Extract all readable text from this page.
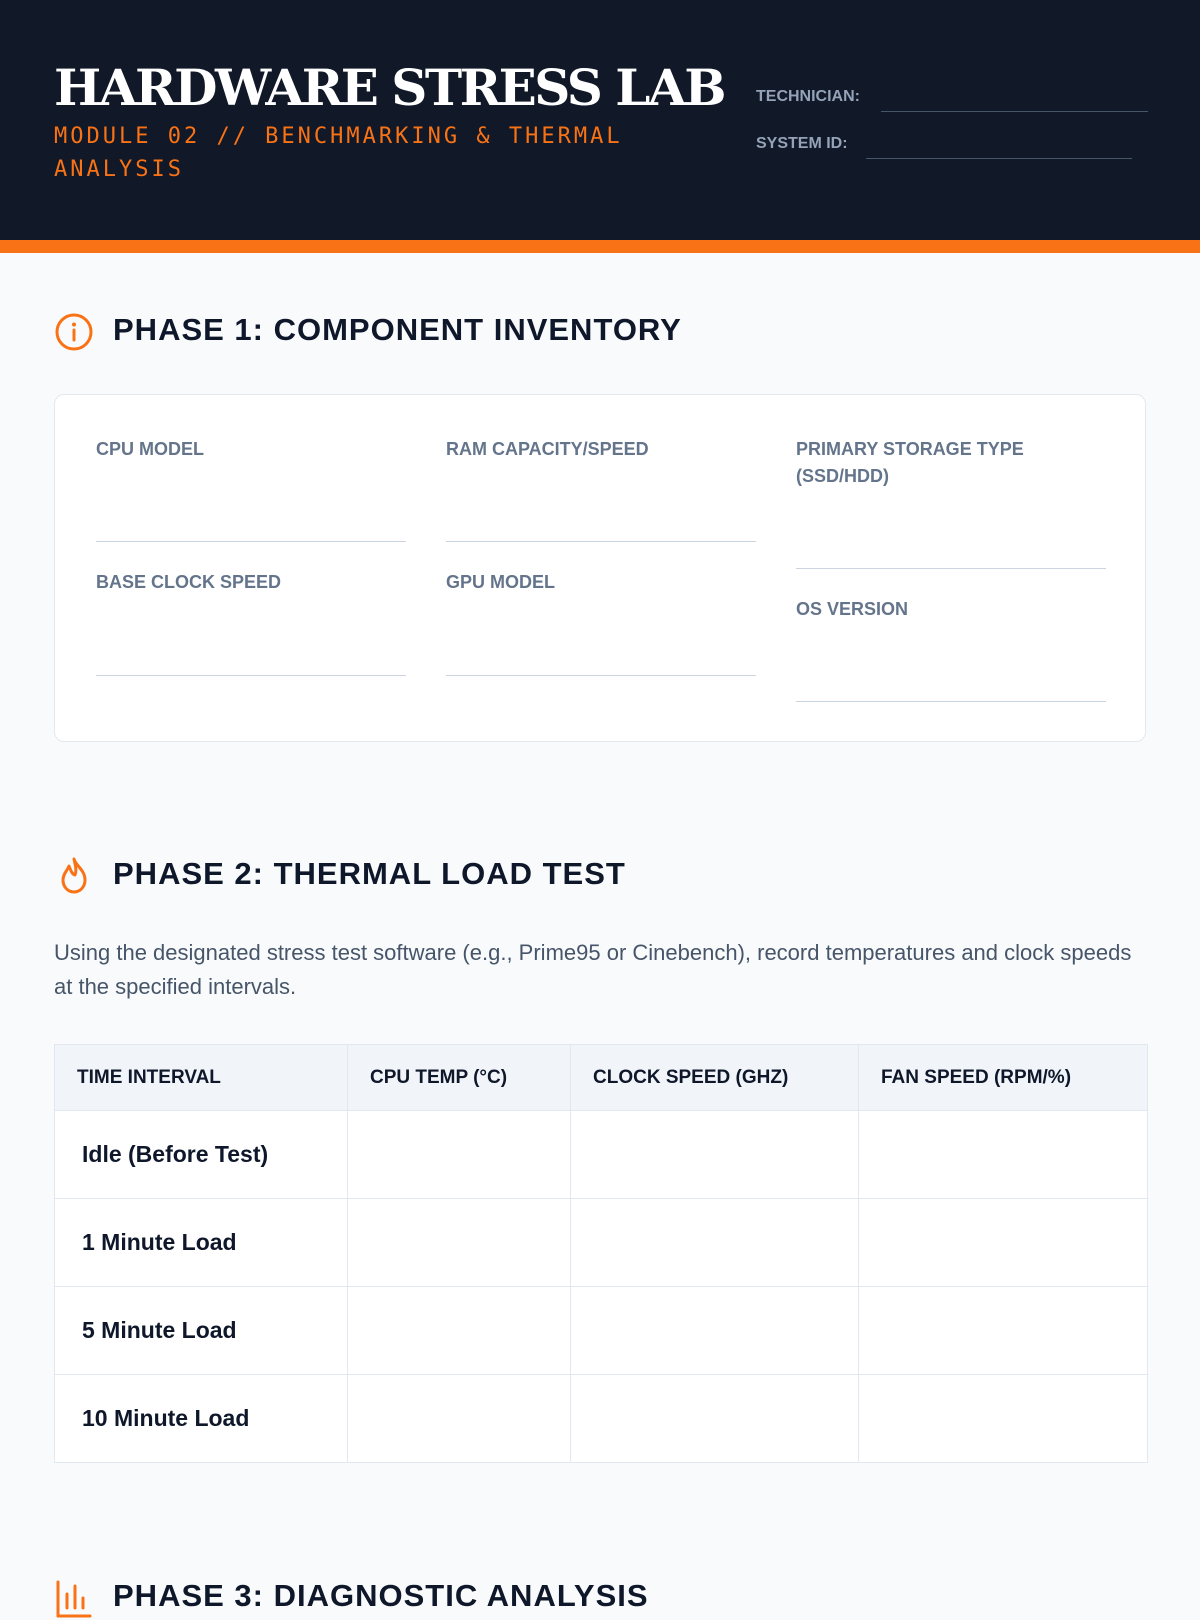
HARDWARE STRESS LAB
MODULE 02 // BENCHMARKING & THERMAL ANALYSIS
TECHNICIAN:
SYSTEM ID:
PHASE 1: COMPONENT INVENTORY
CPU MODEL	RAM CAPACITY/SPEED	PRIMARY STORAGE TYPE (SSD/HDD)
BASE CLOCK SPEED	GPU MODEL
OS VERSION
PHASE 2: THERMAL LOAD TEST

Using the designated stress test software (e.g., Prime95 or Cinebench), record temperatures and clock speeds at the specified intervals.

TIME INTERVAL	CPU TEMP (°C)	CLOCK SPEED (GHZ)	FAN SPEED (RPM/%)
Idle (Before Test)			
1 Minute Load			
5 Minute Load			
10 Minute Load			
PHASE 3: DIAGNOSTIC ANALYSIS
